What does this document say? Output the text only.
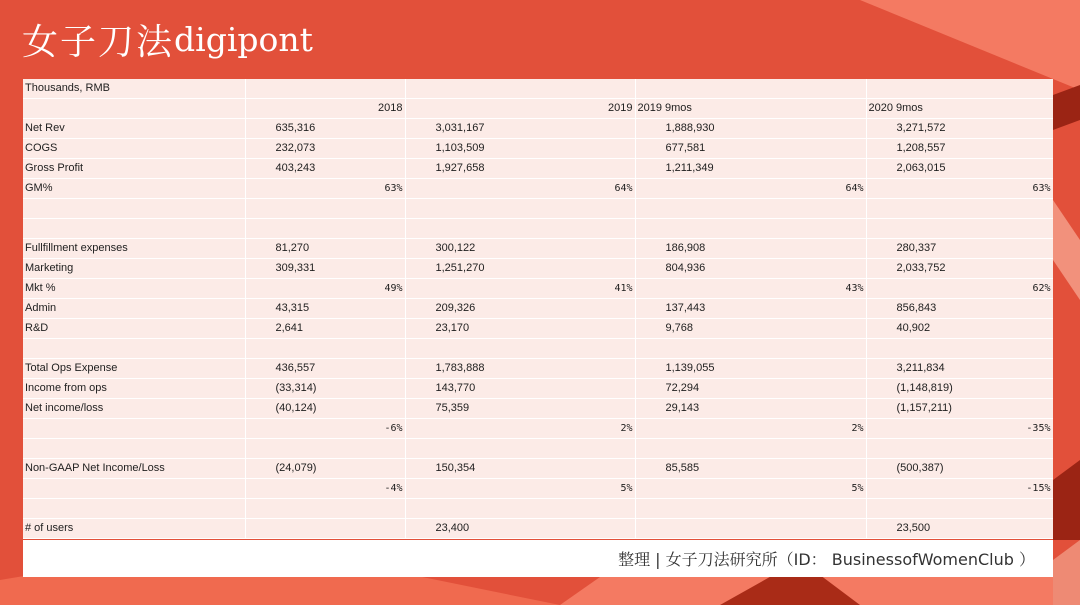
女子刀法digipont
Thousands, RMB				
	2018	2019	2019 9mos	2020 9mos
Net Rev	635,316	3,031,167	1,888,930	3,271,572
COGS	232,073	1,103,509	677,581	1,208,557
Gross Profit	403,243	1,927,658	1,211,349	2,063,015
GM%	63%	64%	64%	63%

Fullfillment expenses	81,270	300,122	186,908	280,337
Marketing	309,331	1,251,270	804,936	2,033,752
Mkt %	49%	41%	43%	62%
Admin	43,315	209,326	137,443	856,843
R&D	2,641	23,170	9,768	40,902

Total Ops Expense	436,557	1,783,888	1,139,055	3,211,834
Income from ops	(33,314)	143,770	72,294	(1,148,819)
Net income/loss	(40,124)	75,359	29,143	(1,157,211)
	-6%	2%	2%	-35%

Non-GAAP Net Income/Loss	(24,079)	150,354	85,585	(500,387)
	-4%	5%	5%	-15%

# of users		23,400		23,500
整理 | 女子刀法研究所（ID： BusinessofWomenClub ）
